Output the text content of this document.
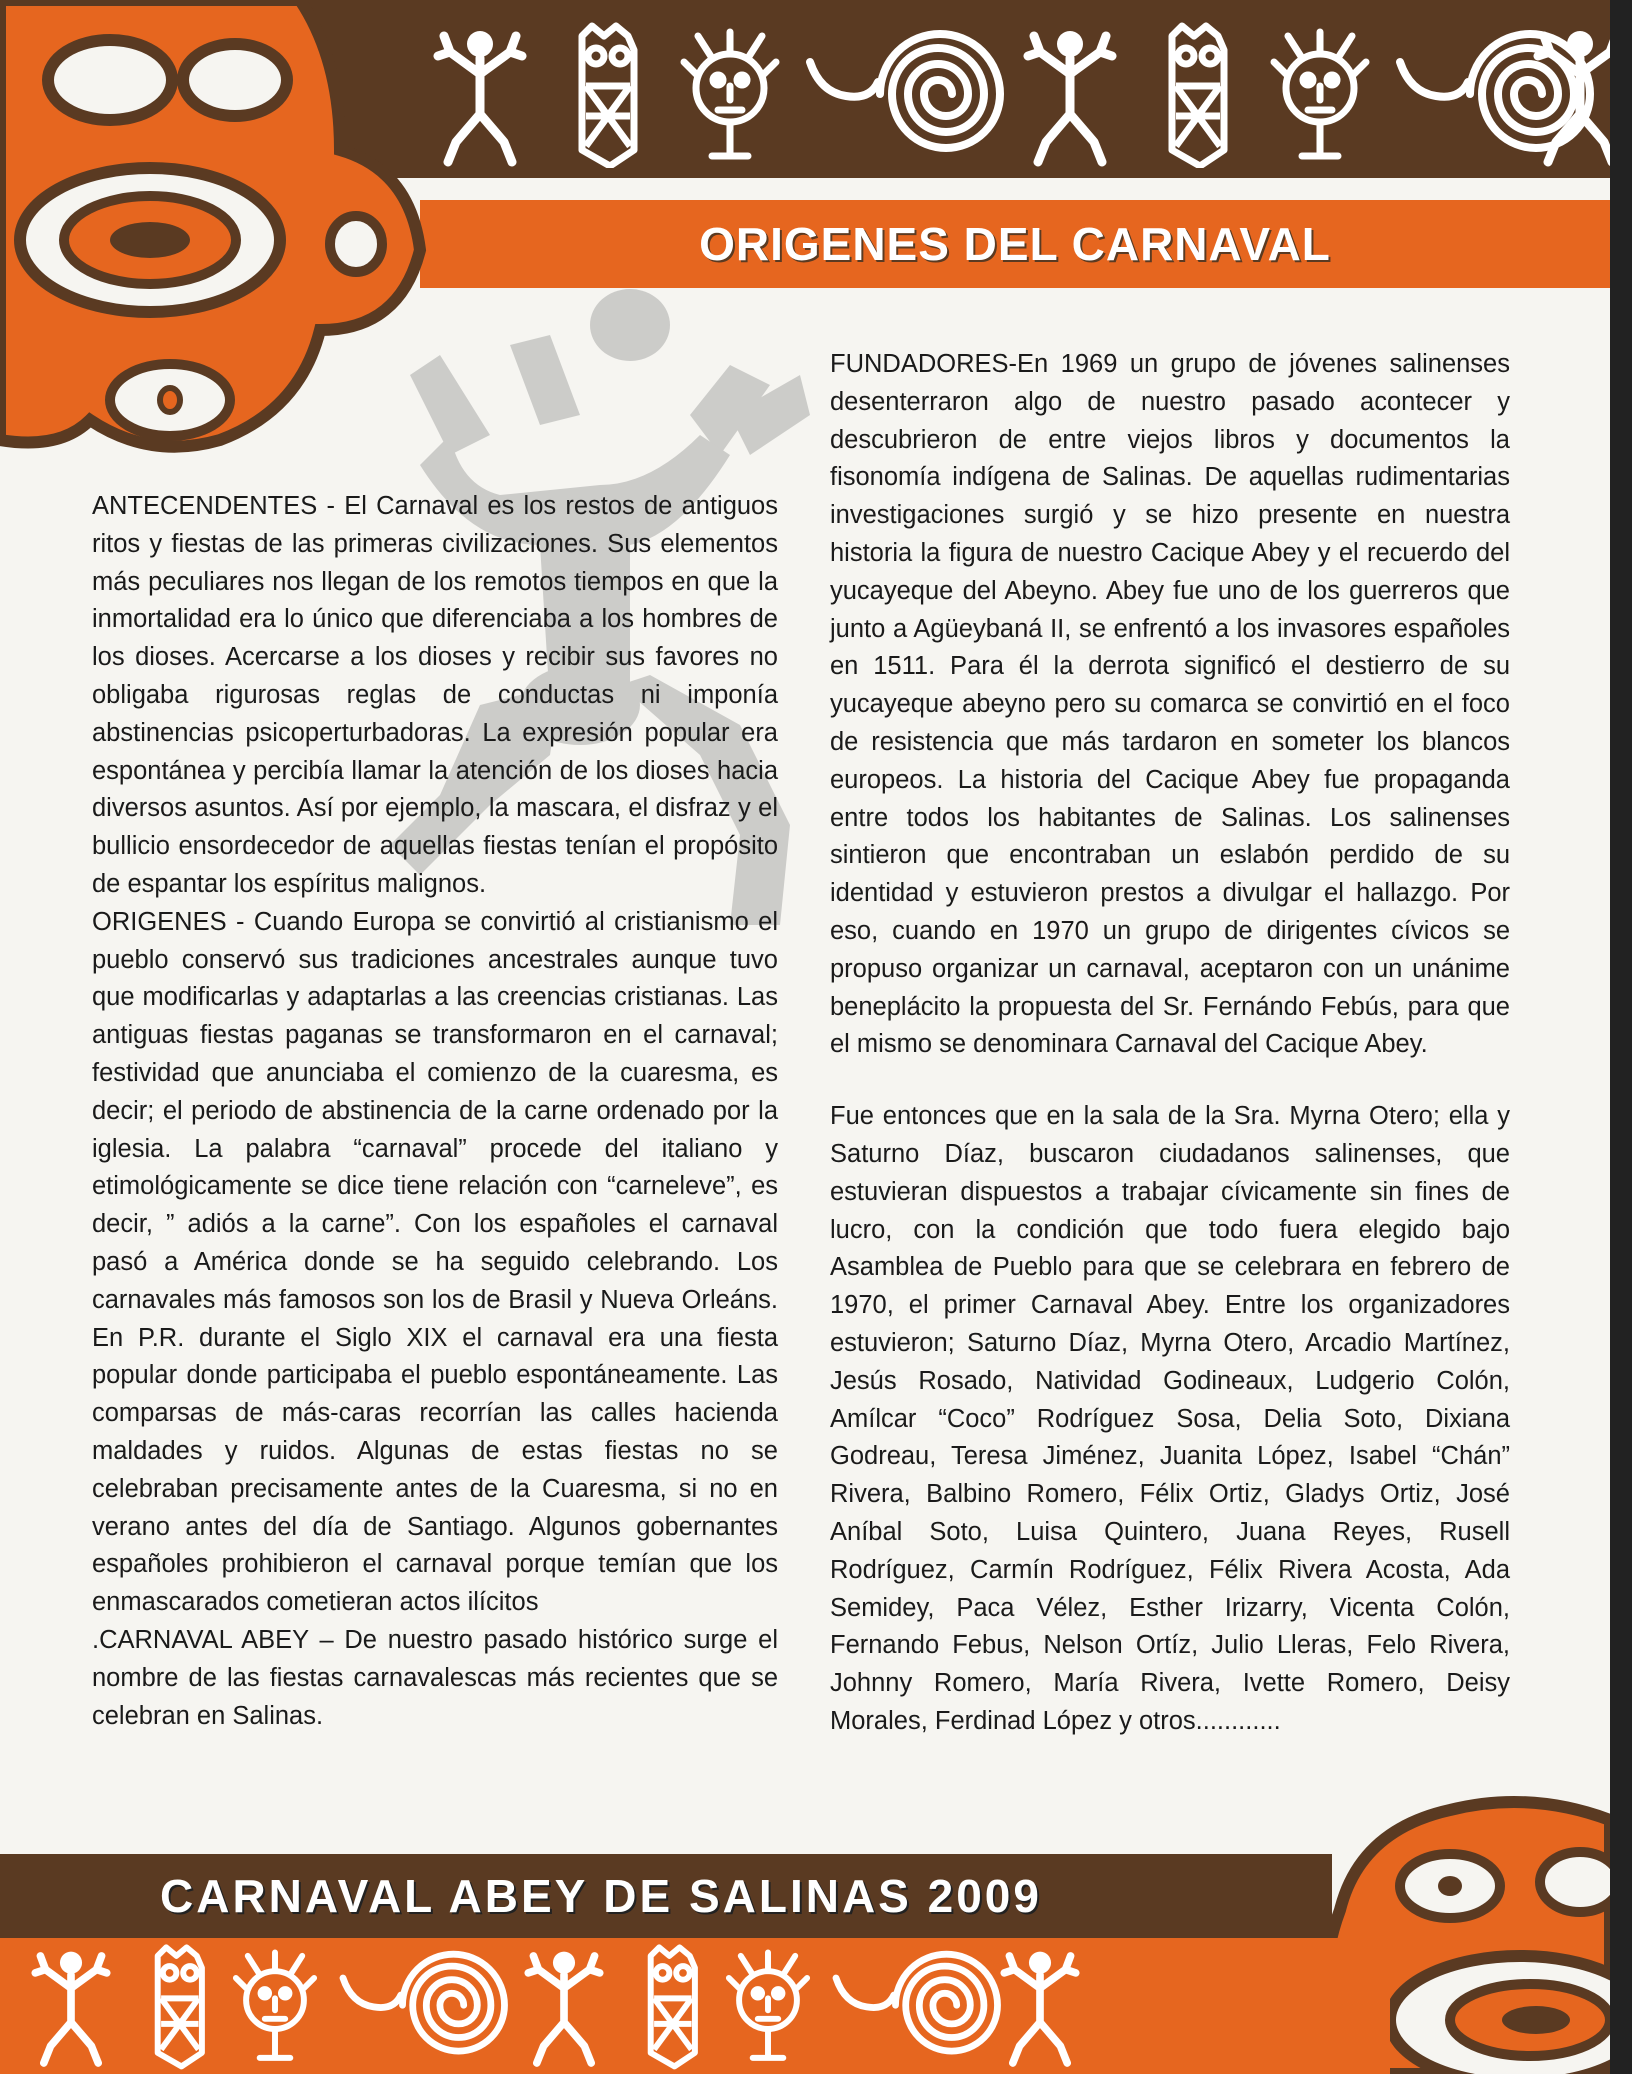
ORIGENES DEL CARNAVAL

ANTECENDENTES - El Carnaval es los restos de antiguos ritos y fiestas de las primeras civilizaciones. Sus elementos más peculiares nos llegan de los remotos tiempos en que la inmortalidad era lo único que diferenciaba a los hombres de los dioses. Acercarse a los dioses y recibir sus favores no obligaba rigurosas reglas de conductas ni imponía abstinencias psicoperturbadoras. La expresión popular era espontánea y percibía llamar la atención de los dioses hacia diversos asuntos. Así por ejemplo, la mascara, el disfraz y el bullicio ensordecedor de aquellas fiestas tenían el propósito de espantar los espíritus malignos.

ORIGENES - Cuando Europa se convirtió al cristianismo el pueblo conservó sus tradiciones ancestrales aunque tuvo que modificarlas y adaptarlas a las creencias cristianas. Las antiguas fiestas paganas se transformaron en el carnaval; festividad que anunciaba el comienzo de la cuaresma, es decir; el periodo de abstinencia de la carne ordenado por la iglesia. La palabra “carnaval” procede del italiano y etimológicamente se dice tiene relación con “carneleve”, es decir, ” adiós a la carne”. Con los españoles el carnaval pasó a América donde se ha seguido celebrando. Los carnavales más famosos son los de Brasil y Nueva Orleáns. En P.R. durante el Siglo XIX el carnaval era una fiesta popular donde participaba el pueblo espontáneamente. Las comparsas de más-caras recorrían las calles hacienda maldades y ruidos. Algunas de estas fiestas no se celebraban precisamente antes de la Cuaresma, si no en verano antes del día de Santiago. Algunos gobernantes españoles prohibieron el carnaval porque temían que los enmascarados cometieran actos ilícitos

.CARNAVAL ABEY – De nuestro pasado histórico surge el nombre de las fiestas carnavalescas más recientes que se celebran en Salinas.

FUNDADORES-En 1969 un grupo de jóvenes salinenses desenterraron algo de nuestro pasado acontecer y descubrieron de entre viejos libros y documentos la fisonomía indígena de Salinas. De aquellas rudimentarias investigaciones surgió y se hizo presente en nuestra historia la figura de nuestro Cacique Abey y el recuerdo del yucayeque del Abeyno. Abey fue uno de los guerreros que junto a Agüeybaná II, se enfrentó a los invasores españoles en 1511. Para él la derrota significó el destierro de su yucayeque abeyno pero su comarca se convirtió en el foco de resistencia que más tardaron en someter los blancos europeos. La historia del Cacique Abey fue propaganda entre todos los habitantes de Salinas. Los salinenses sintieron que encontraban un eslabón perdido de su identidad y estuvieron prestos a divulgar el hallazgo. Por eso, cuando en 1970 un grupo de dirigentes cívicos se propuso organizar un carnaval, aceptaron con un unánime beneplácito la propuesta del Sr. Fernándo Febús, para que el mismo se denominara Carnaval del Cacique Abey.

Fue entonces que en la sala de la Sra. Myrna Otero; ella y Saturno Díaz, buscaron ciudadanos salinenses, que estuvieran dispuestos a trabajar cívicamente sin fines de lucro, con la condición que todo fuera elegido bajo Asamblea de Pueblo para que se celebrara en febrero de 1970, el primer Carnaval Abey. Entre los organizadores estuvieron; Saturno Díaz, Myrna Otero, Arcadio Martínez, Jesús Rosado, Natividad Godineaux, Ludgerio Colón, Amílcar “Coco” Rodríguez Sosa, Delia Soto, Dixiana Godreau, Teresa Jiménez, Juanita López, Isabel “Chán” Rivera, Balbino Romero, Félix Ortiz, Gladys Ortiz, José Aníbal Soto, Luisa Quintero, Juana Reyes, Rusell Rodríguez, Carmín Rodríguez, Félix Rivera Acosta, Ada Semidey, Paca Vélez, Esther Irizarry, Vicenta Colón, Fernando Febus, Nelson Ortíz, Julio Lleras, Felo Rivera, Johnny Romero, María Rivera, Ivette Romero, Deisy Morales, Ferdinad López y otros............

CARNAVAL ABEY DE SALINAS 2009
